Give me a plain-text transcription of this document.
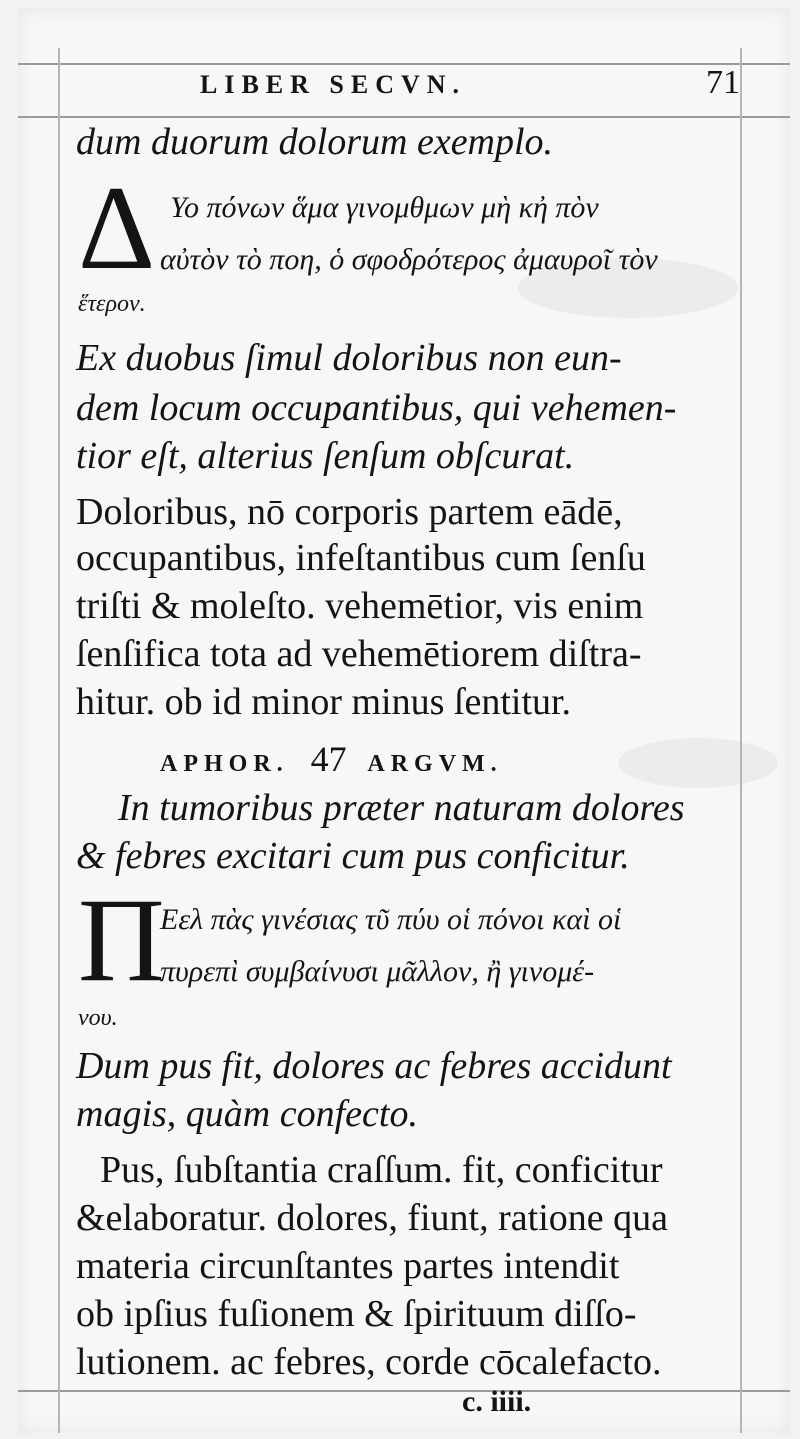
LIBER SECVN.	71
dum duorum dolorum exemplo.
Δ Υο πόνων ἅμα γινομθμων μὴ κἠ πὸν
αὐτὸν τὸ ποη, ὁ σφοδρότερος ἀμαυροῖ τὸν
ἕτερον.
Ex duobus ſimul doloribus non eun-
dem locum occupantibus, qui vehemen-
tior eſt, alterius ſenſum obſcurat.
Doloribus, nō corporis partem eādē,
occupantibus, infeſtantibus cum ſenſu
triſti & moleſto. vehemētior, vis enim
ſenſifica tota ad vehemētiorem diſtra-
hitur. ob id minor minus ſentitur.
APHOR. 47 ARGVM.
In tumoribus præter naturam dolores
& febres excitari cum pus conficitur.
Π
Εελ πὰς γινέσιας τῦ πύυ οἱ πόνοι καὶ οἱ
πυρεπὶ συμβαίνυσι μᾶλλον, ἢ γινομέ-
νου.
Dum pus fit, dolores ac febres accidunt
magis, quàm confecto.
Pus, ſubſtantia craſſum. fit, conficitur
&elaboratur. dolores, fiunt, ratione qua
materia circunſtantes partes intendit
ob ipſius fuſionem & ſpirituum diſſo-
lutionem. ac febres, corde cōcalefacto.
c. iiii.
